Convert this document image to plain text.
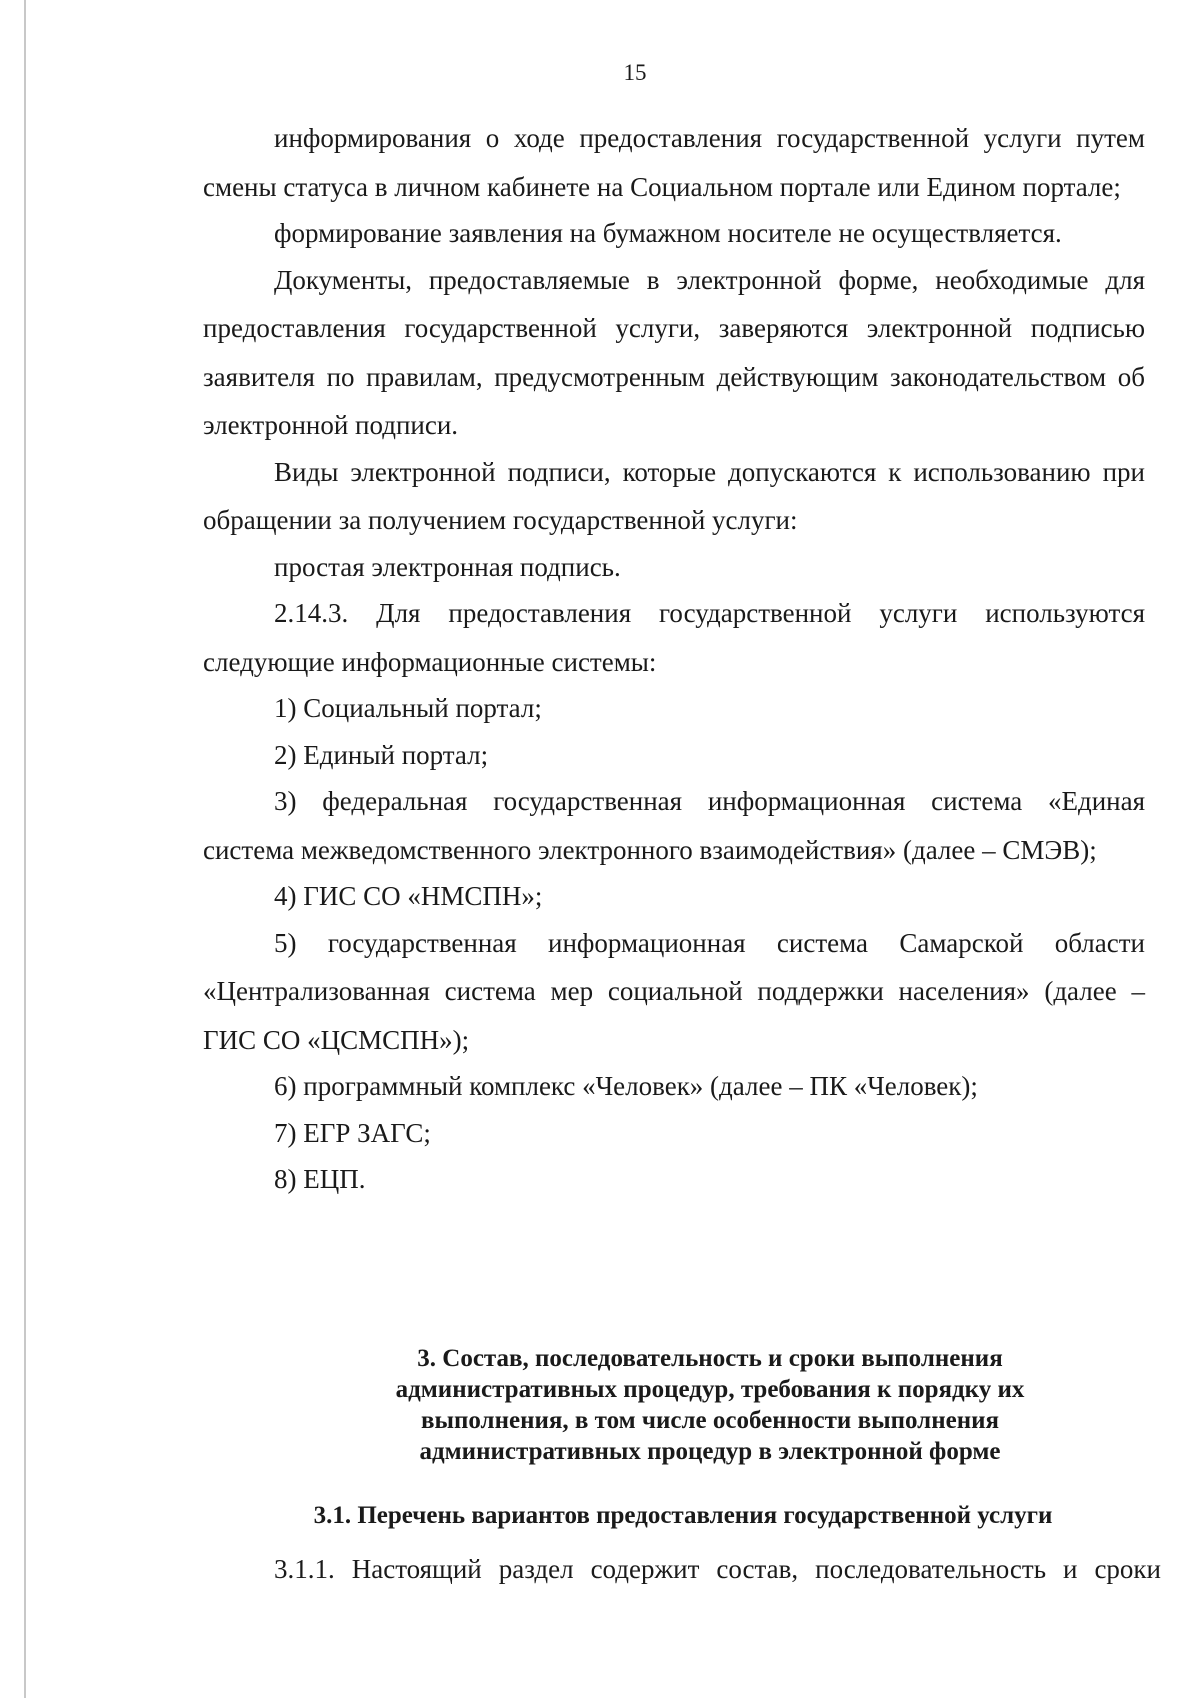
15

информирования о ходе предоставления государственной услуги путем смены статуса в личном кабинете на Социальном портале или Едином портале;

формирование заявления на бумажном носителе не осуществляется.

Документы, предоставляемые в электронной форме, необходимые для предоставления государственной услуги, заверяются электронной подписью заявителя по правилам, предусмотренным действующим законодательством об электронной подписи.

Виды электронной подписи, которые допускаются к использованию при обращении за получением государственной услуги:

простая электронная подпись.

2.14.3. Для предоставления государственной услуги используются следующие информационные системы:

1) Социальный портал;

2) Единый портал;

3) федеральная государственная информационная система «Единая система межведомственного электронного взаимодействия» (далее – СМЭВ);

4) ГИС СО «НМСПН»;

5) государственная информационная система Самарской области «Централизованная система мер социальной поддержки населения» (далее – ГИС СО «ЦСМСПН»);

6) программный комплекс «Человек» (далее – ПК «Человек);

7) ЕГР ЗАГС;

8) ЕЦП.

3. Состав, последовательность и сроки выполнения
административных процедур, требования к порядку их
выполнения, в том числе особенности выполнения
административных процедур в электронной форме
3.1. Перечень вариантов предоставления государственной услуги

3.1.1. Настоящий раздел содержит состав, последовательность и сроки
